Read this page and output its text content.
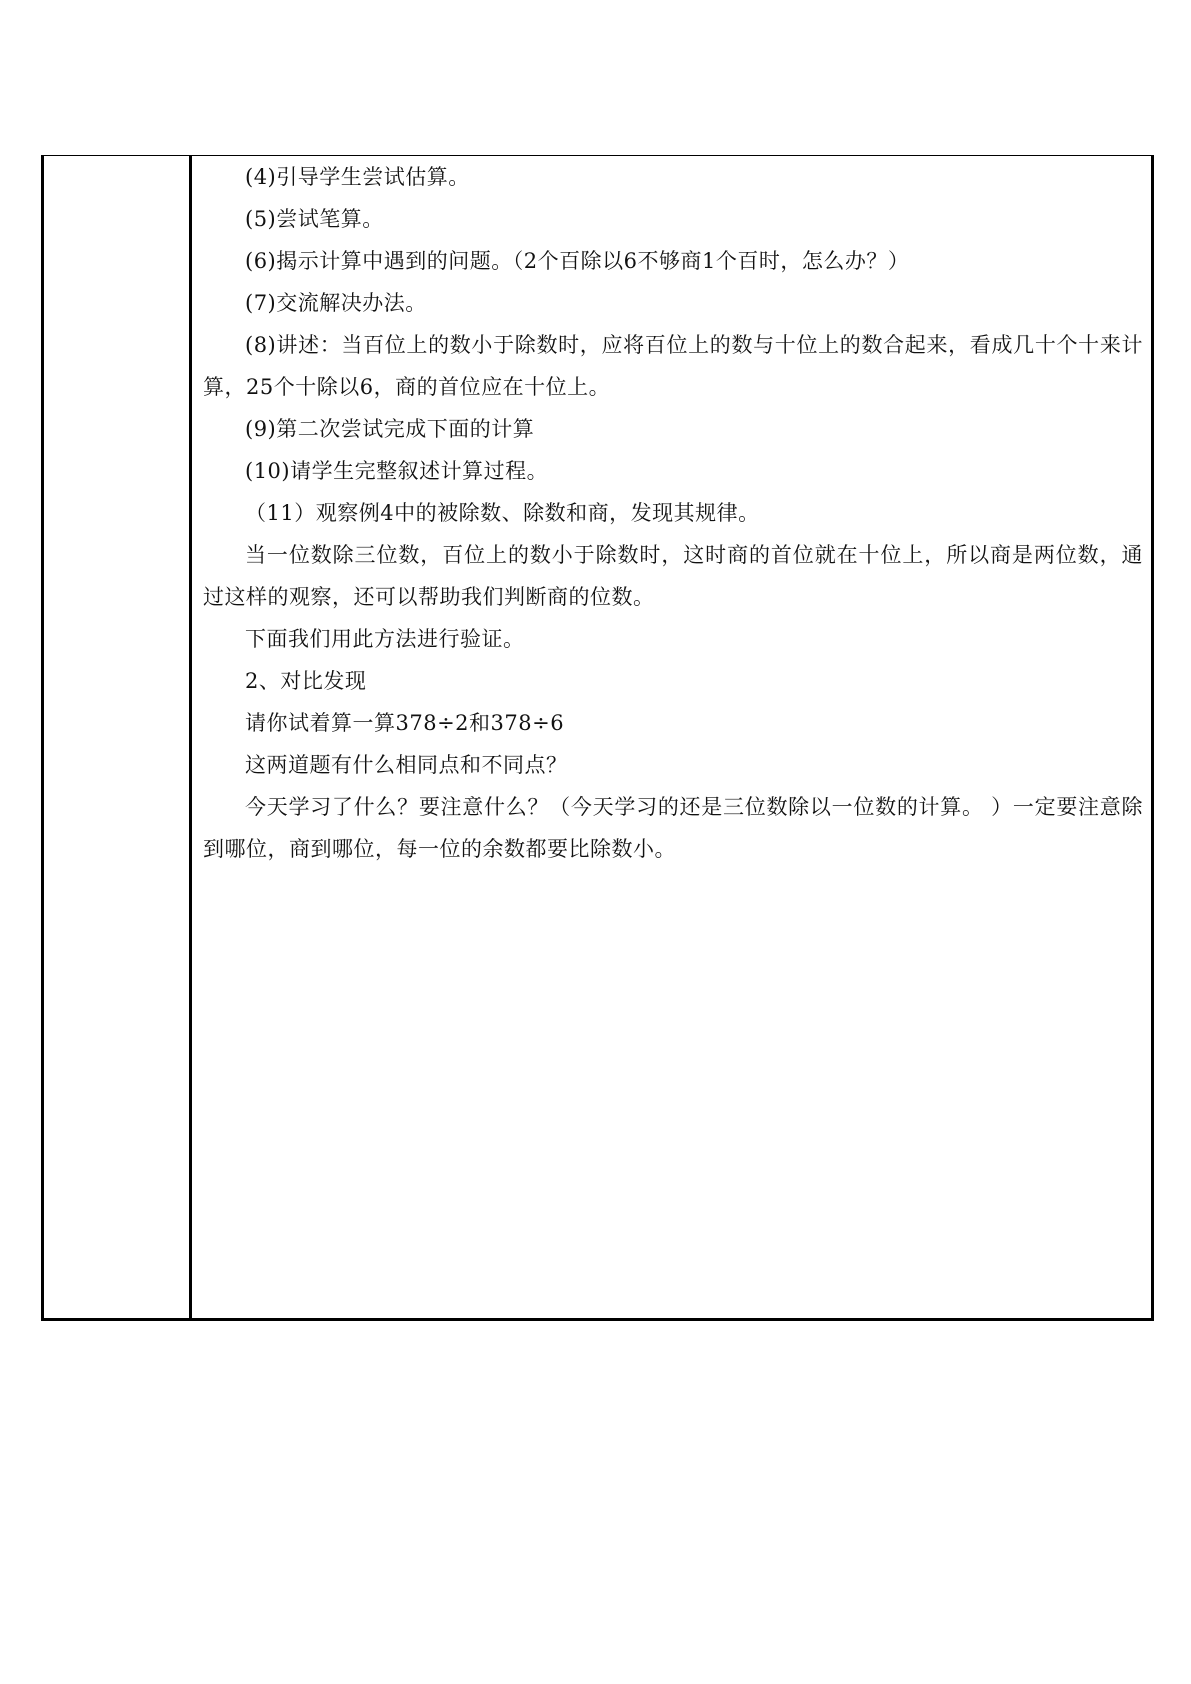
(4)引导学生尝试估算。

(5)尝试笔算。

(6)揭示计算中遇到的问题。（2个百除以6不够商1个百时，怎么办？）

(7)交流解决办法。

(8)讲述：当百位上的数小于除数时，应将百位上的数与十位上的数合起来，看成几十个十来计算，25个十除以6，商的首位应在十位上。

(9)第二次尝试完成下面的计算

(10)请学生完整叙述计算过程。

（11）观察例4中的被除数、除数和商，发现其规律。

当一位数除三位数，百位上的数小于除数时，这时商的首位就在十位上，所以商是两位数，通过这样的观察，还可以帮助我们判断商的位数。

下面我们用此方法进行验证。

2、对比发现

请你试着算一算378÷2和378÷6

这两道题有什么相同点和不同点？

今天学习了什么？要注意什么？（今天学习的还是三位数除以一位数的计算。 ）一定要注意除到哪位，商到哪位，每一位的余数都要比除数小。
